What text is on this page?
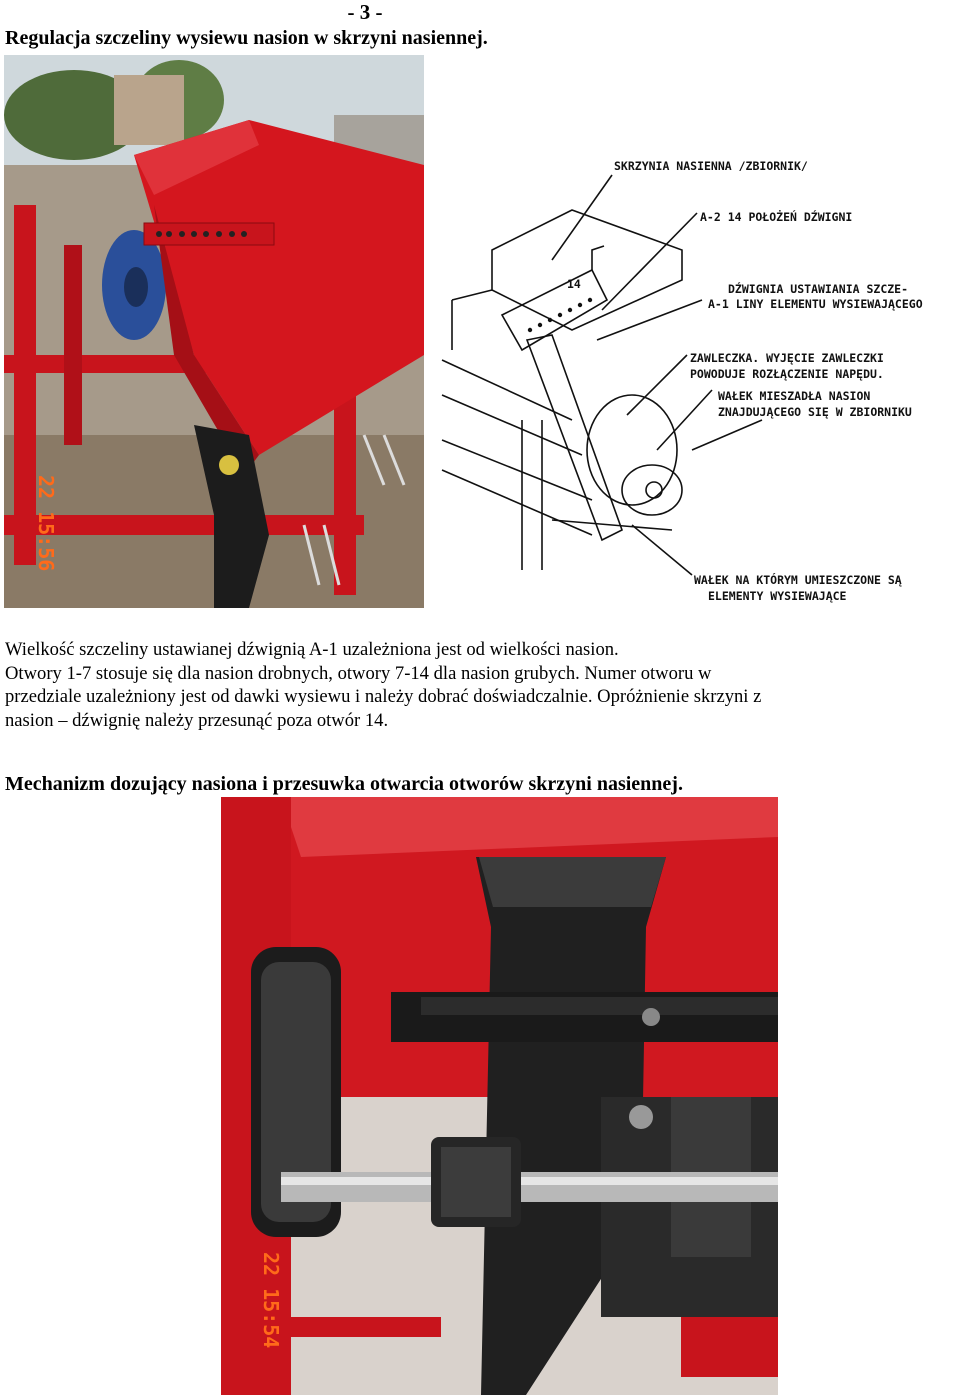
- 3 -
Regulacja szczeliny wysiewu nasion w skrzyni nasiennej.
22 15:56
14
SKRZYNIA NASIENNA /ZBIORNIK/
A-2 14 POŁOŻEŃ DŹWIGNI
DŹWIGNIA USTAWIANIA SZCZE-
A-1 LINY ELEMENTU WYSIEWAJĄCEGO
ZAWLECZKA. WYJĘCIE ZAWLECZKI
POWODUJE ROZŁĄCZENIE NAPĘDU.
WAŁEK MIESZADŁA NASION
ZNAJDUJĄCEGO SIĘ W ZBIORNIKU
WAŁEK NA KTÓRYM UMIESZCZONE SĄ
ELEMENTY WYSIEWAJĄCE

Wielkość szczeliny ustawianej dźwignią A-1 uzależniona jest od wielkości nasion.

Otwory 1-7 stosuje się dla nasion drobnych, otwory 7-14 dla nasion grubych. Numer otworu w

przedziale uzależniony jest od dawki wysiewu i należy dobrać doświadczalnie. Opróżnienie skrzyni z

nasion – dźwignię należy przesunąć poza otwór 14.

Mechanizm dozujący nasiona i przesuwka otwarcia otworów skrzyni nasiennej.
22 15:54
